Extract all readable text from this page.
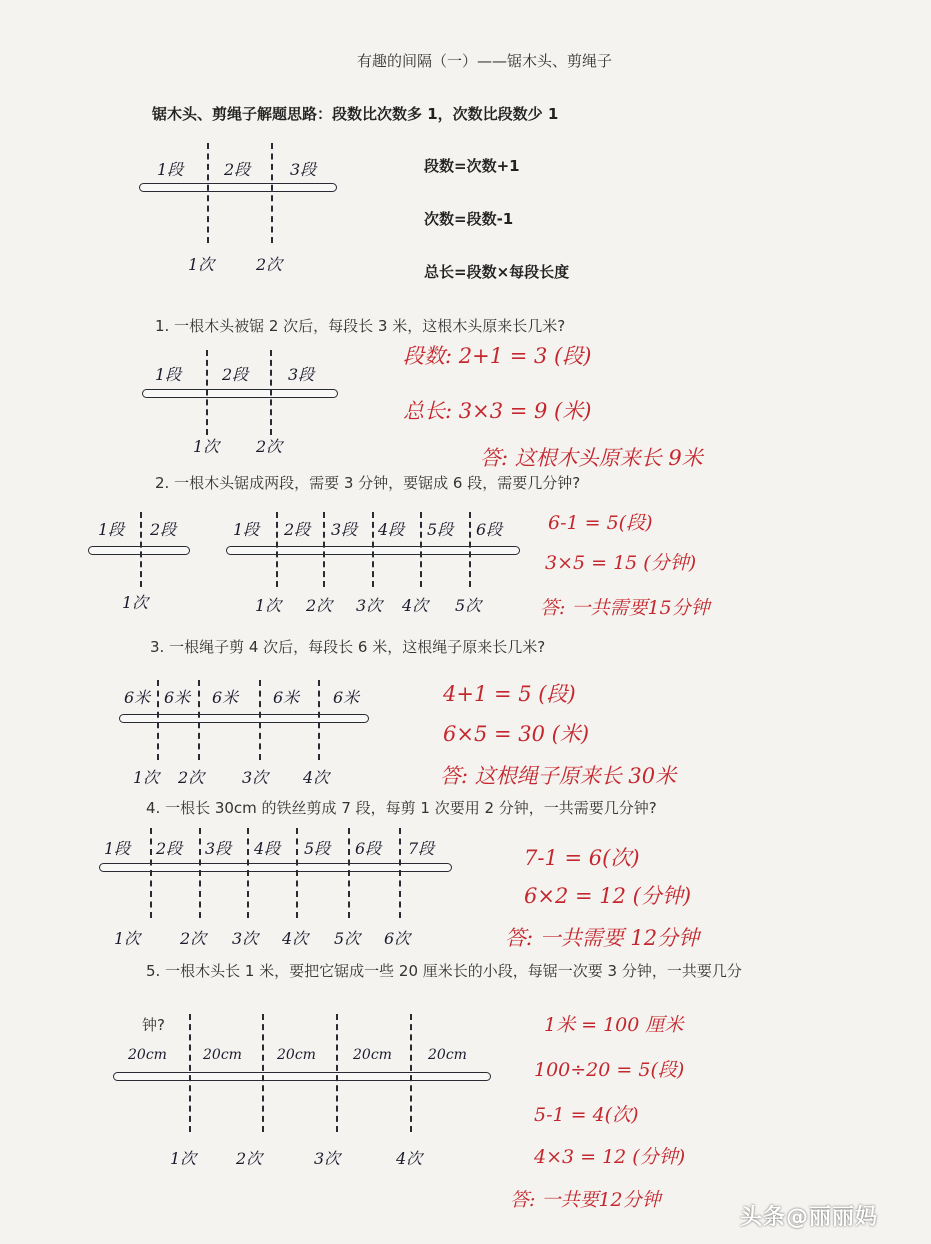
有趣的间隔（一）——锯木头、剪绳子
锯木头、剪绳子解题思路：段数比次数多 1，次数比段数少 1
1段	2段 3段
1次	2次
段数=次数+1
次数=段数-1
总长=段数×每段长度
1. 一根木头被锯 2 次后，每段长 3 米，这根木头原来长几米?
1段	2段 3段
1次 2次
段数: 2+1 = 3 (段)
总长: 3×3 = 9 (米)
答: 这根木头原来长 9米
2. 一根木头锯成两段，需要 3 分钟，要锯成 6 段，需要几分钟?
1段 2段
1次
1段 2段 3段 4段 5段 6段
1次 2次 3次 4次 5次
6-1 = 5(段)
3×5 = 15 (分钟)
答: 一共需要15分钟
3. 一根绳子剪 4 次后，每段长 6 米，这根绳子原来长几米?
6米 6米 6米 6米 6米
1次 2次 3次 4次
4+1 = 5 (段)
6×5 = 30 (米)
答: 这根绳子原来长 30米
4. 一根长 30cm 的铁丝剪成 7 段，每剪 1 次要用 2 分钟，一共需要几分钟?
1段 2段 3段 4段 5段 6段 7段
1次 2次 3次 4次 5次 6次
7-1 = 6(次)
6×2 = 12 (分钟)
答: 一共需要 12分钟
5. 一根木头长 1 米，要把它锯成一些 20 厘米长的小段，每锯一次要 3 分钟，一共要几分
钟?
20cm	20cm	20cm	20cm	20cm
1次 2次	3次	4次
1米 = 100 厘米
100÷20 = 5(段)
5-1 = 4(次)
4×3 = 12 (分钟)
答: 一共要12分钟
头条@丽丽妈
